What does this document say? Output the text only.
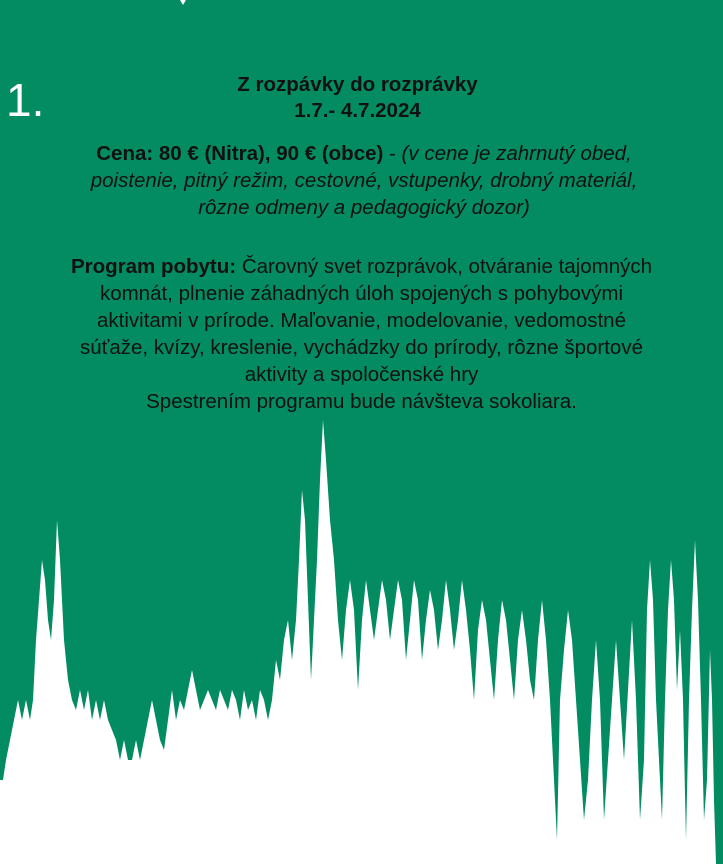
1.	Z rozpávky do rozprávky
1.7.- 4.7.2024
Cena: 80 € (Nitra), 90 € (obce) - (v cene je zahrnutý obed,
poistenie, pitný režim, cestovné, vstupenky, drobný materiál,
rôzne odmeny a pedagogický dozor)
Program pobytu: Čarovný svet rozprávok, otváranie tajomných
komnát, plnenie záhadných úloh spojených s pohybovými
aktivitami v prírode. Maľovanie, modelovanie, vedomostné
súťaže, kvízy, kreslenie, vychádzky do prírody, rôzne športové
aktivity a spoločenské hry
Spestrením programu bude návšteva sokoliara.
